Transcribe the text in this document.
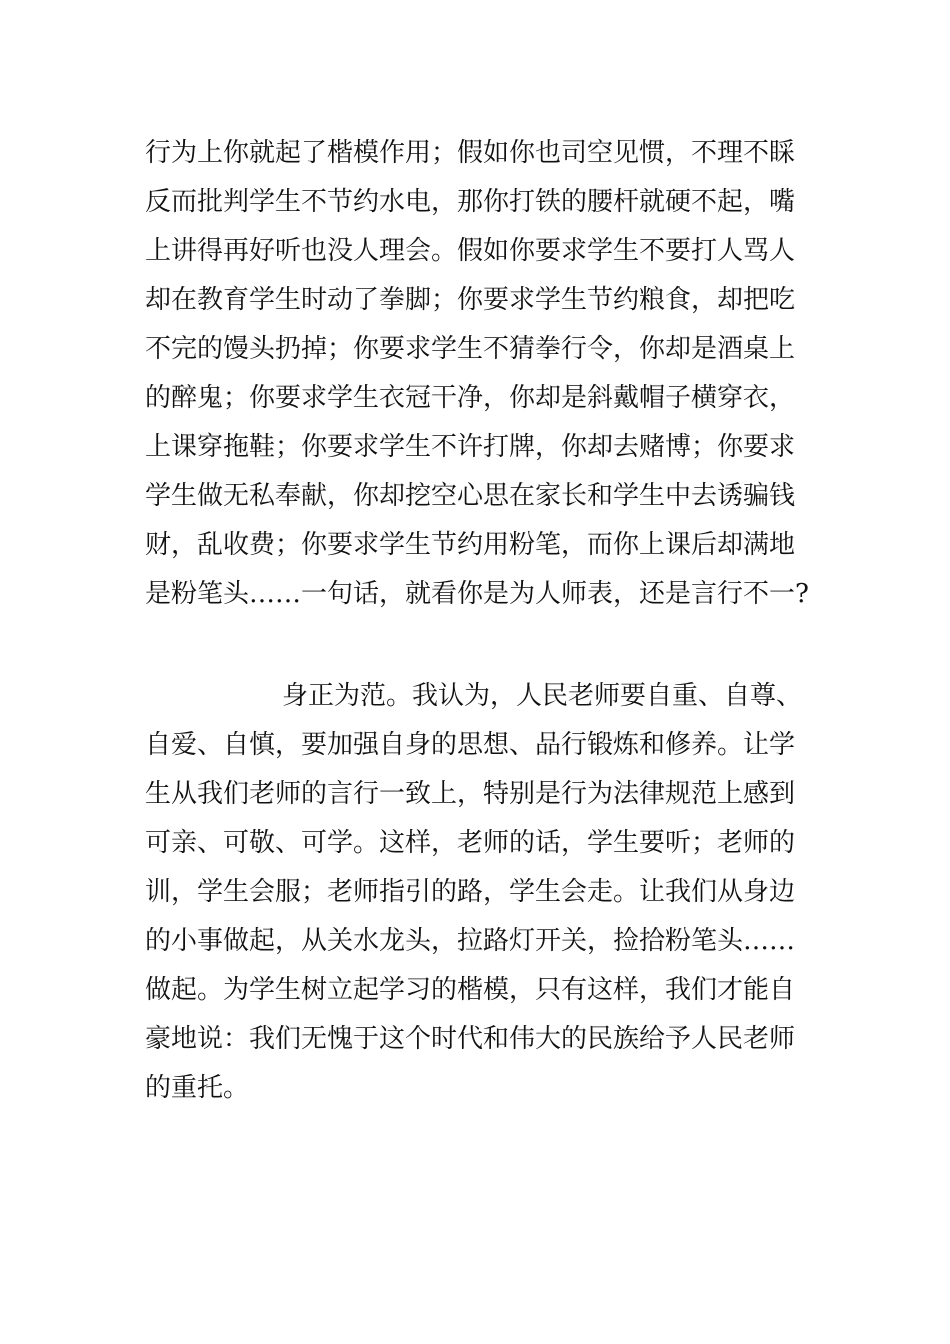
行为上你就起了楷模作用；假如你也司空见惯，不理不睬
反而批判学生不节约水电，那你打铁的腰杆就硬不起，嘴
上讲得再好听也没人理会。假如你要求学生不要打人骂人
却在教育学生时动了拳脚；你要求学生节约粮食，却把吃
不完的馒头扔掉；你要求学生不猜拳行令，你却是酒桌上
的醉鬼；你要求学生衣冠干净，你却是斜戴帽子横穿衣，
上课穿拖鞋；你要求学生不许打牌，你却去赌博；你要求
学生做无私奉献，你却挖空心思在家长和学生中去诱骗钱
财，乱收费；你要求学生节约用粉笔，而你上课后却满地
是粉笔头……一句话，就看你是为人师表，还是言行不一?
身正为范。我认为，人民老师要自重、自尊、
自爱、自慎，要加强自身的思想、品行锻炼和修养。让学
生从我们老师的言行一致上，特别是行为法律规范上感到
可亲、可敬、可学。这样，老师的话，学生要听；老师的
训，学生会服；老师指引的路，学生会走。让我们从身边
的小事做起，从关水龙头，拉路灯开关，捡拾粉笔头……
做起。为学生树立起学习的楷模，只有这样，我们才能自
豪地说：我们无愧于这个时代和伟大的民族给予人民老师
的重托。
